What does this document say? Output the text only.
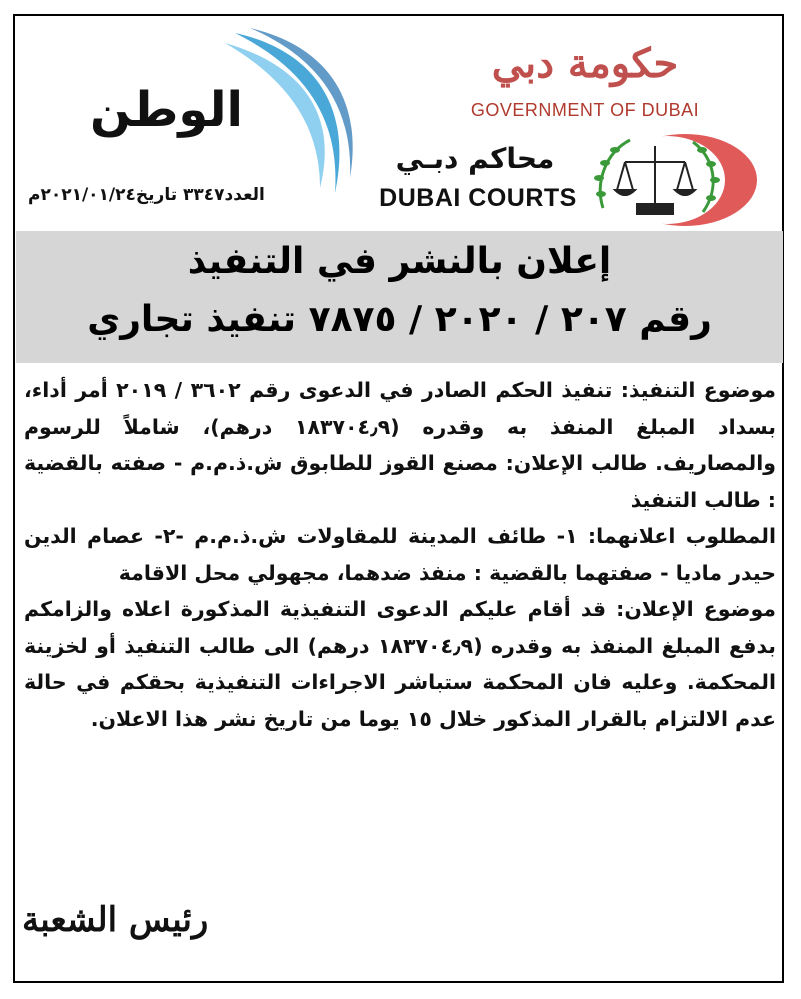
الوطن
العدد٣٣٤٧ تاريخ٢٠٢١/٠١/٢٤م
حكومة دبي
GOVERNMENT OF DUBAI
محاكم دبـي
DUBAI COURTS
إعلان بالنشر في التنفيذ
رقم ٢٠٧ / ٢٠٢٠ / ٧٨٧٥ تنفيذ تجاري

موضوع التنفيذ: تنفيذ الحكم الصادر في الدعوى رقم ٣٦٠٢ / ٢٠١٩ أمر أداء، بسداد المبلغ المنفذ به وقدره (١٨٣٧٠٤٫٩ درهم)، شاملاً للرسوم والمصاريف. طالب الإعلان: مصنع القوز للطابوق ش.ذ.م.م - صفته بالقضية : طالب التنفيذ

المطلوب اعلانهما: ١- طائف المدينة للمقاولات ش.ذ.م.م -٢- عصام الدين حيدر ماديا - صفتهما بالقضية : منفذ ضدهما، مجهولي محل الاقامة

موضوع الإعلان: قد أقام عليكم الدعوى التنفيذية المذكورة اعلاه والزامكم بدفع المبلغ المنفذ به وقدره (١٨٣٧٠٤٫٩ درهم) الى طالب التنفيذ أو لخزينة المحكمة. وعليه فان المحكمة ستباشر الاجراءات التنفيذية بحقكم في حالة عدم الالتزام بالقرار المذكور خلال ١٥ يوما من تاريخ نشر هذا الاعلان.

رئيس الشعبة
